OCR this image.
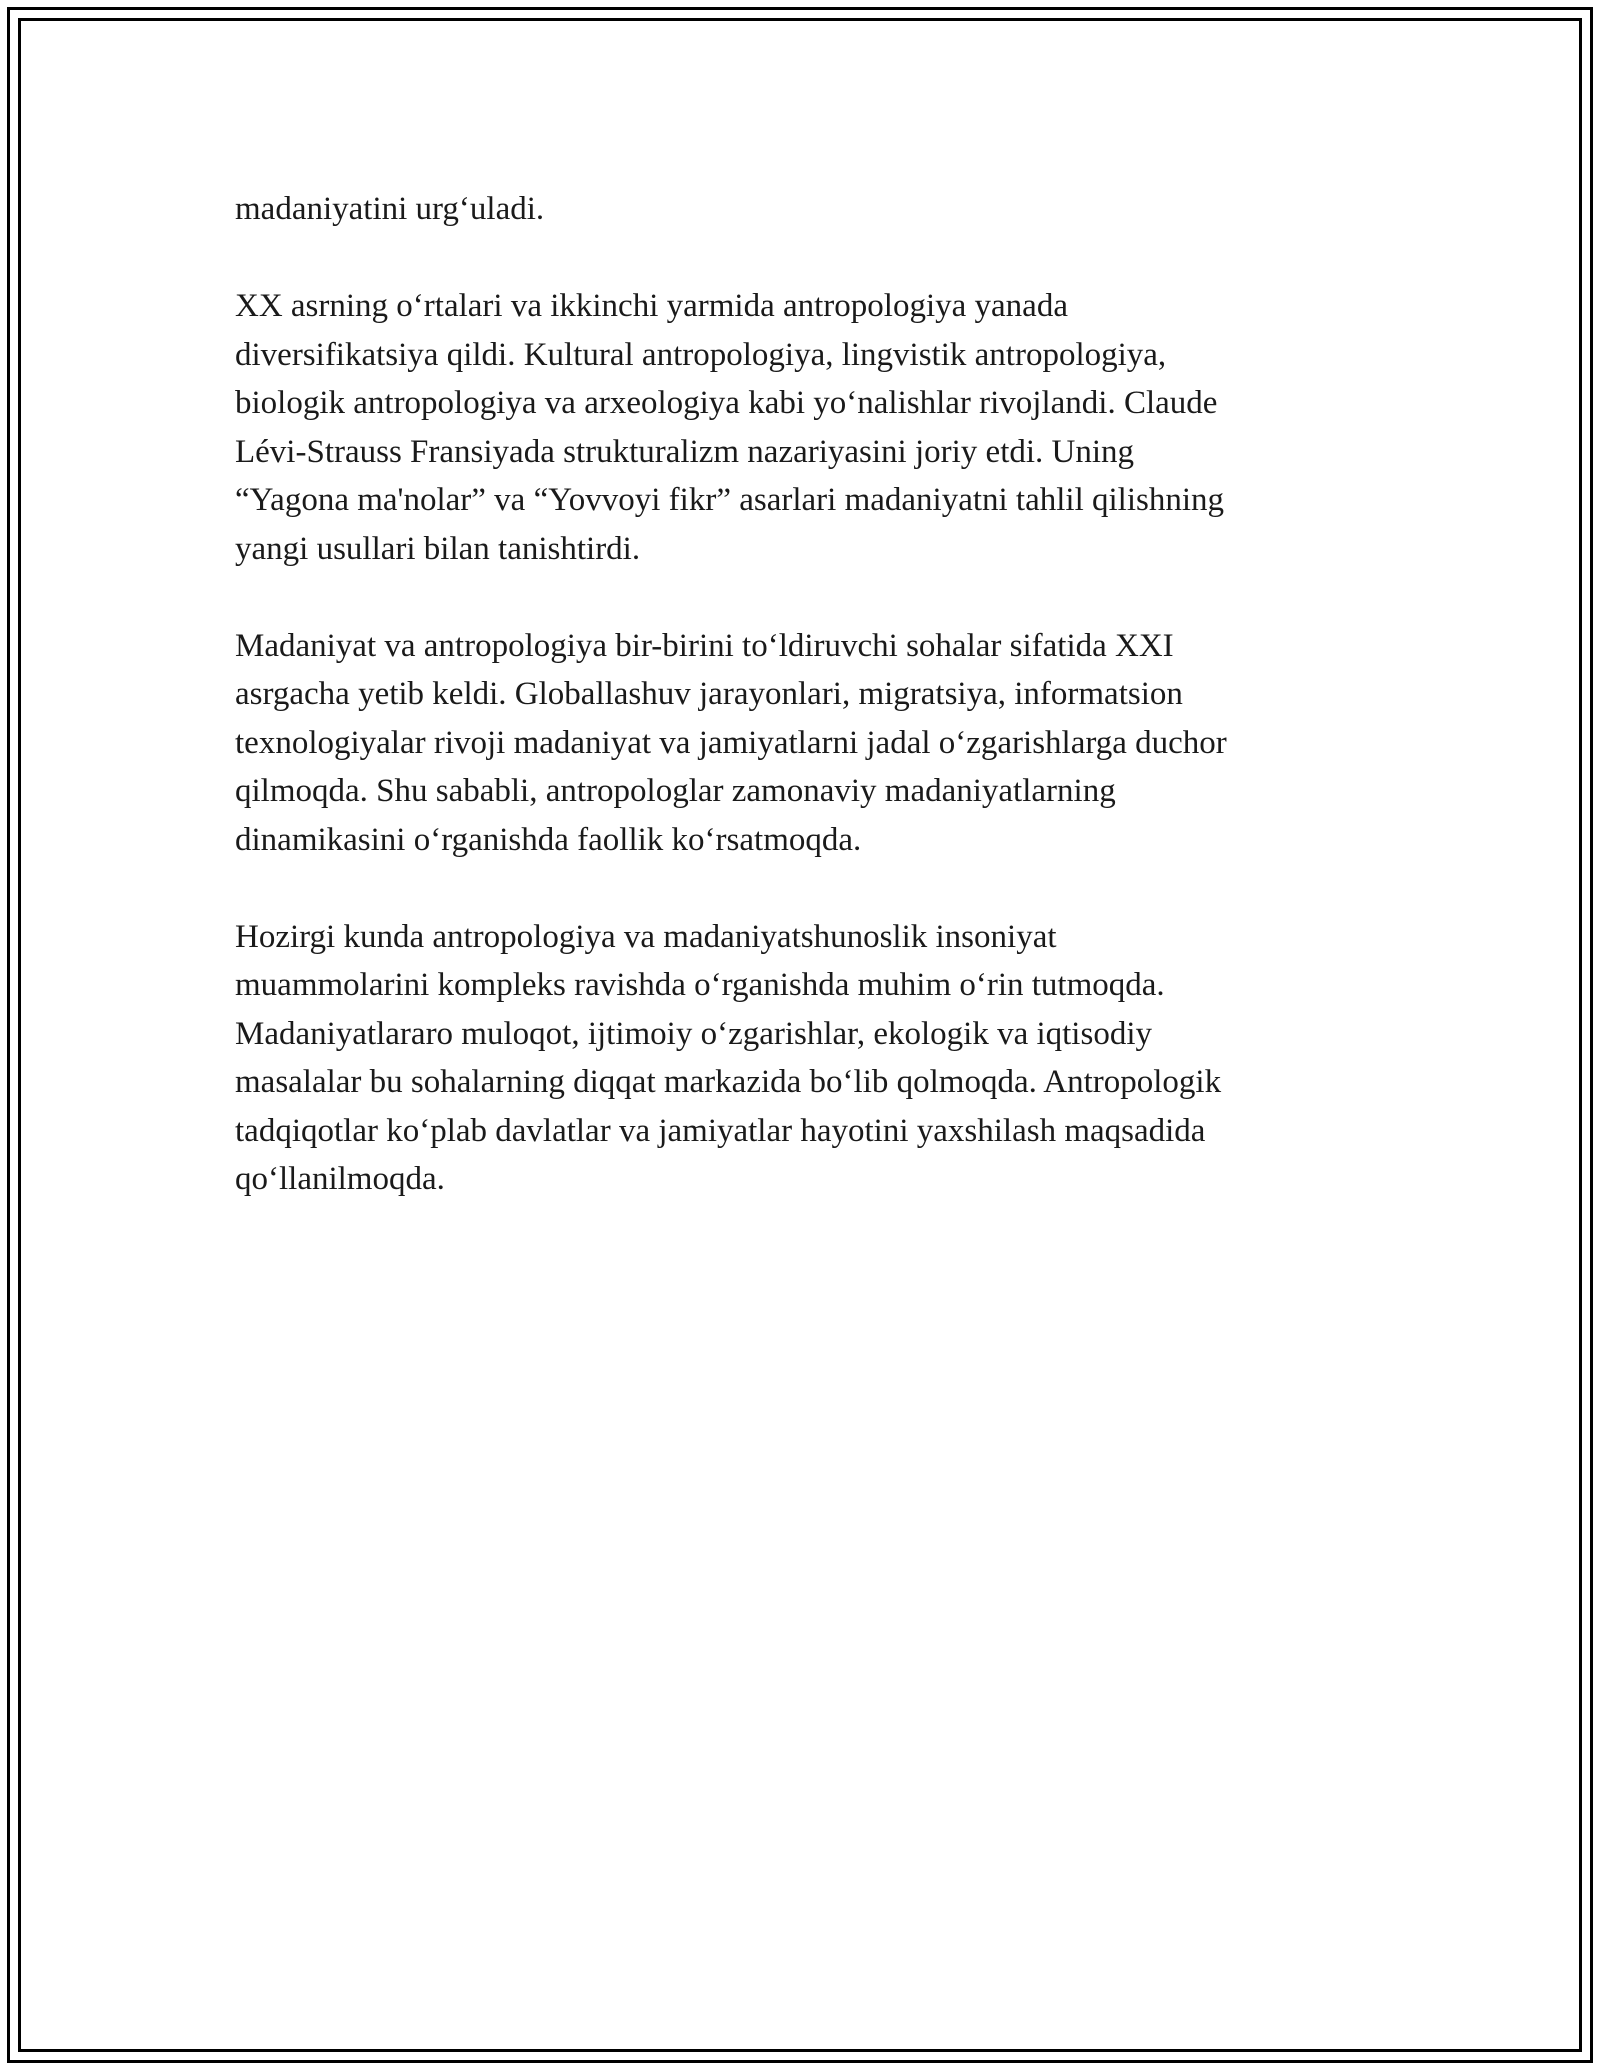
madaniyatini urg‘uladi.

XX asrning o‘rtalari va ikkinchi yarmida antropologiya yanada
diversifikatsiya qildi. Kultural antropologiya, lingvistik antropologiya,
biologik antropologiya va arxeologiya kabi yo‘nalishlar rivojlandi. Claude
Lévi-Strauss Fransiyada strukturalizm nazariyasini joriy etdi. Uning
“Yagona ma'nolar” va “Yovvoyi fikr” asarlari madaniyatni tahlil qilishning
yangi usullari bilan tanishtirdi.

Madaniyat va antropologiya bir-birini to‘ldiruvchi sohalar sifatida XXI
asrgacha yetib keldi. Globallashuv jarayonlari, migratsiya, informatsion
texnologiyalar rivoji madaniyat va jamiyatlarni jadal o‘zgarishlarga duchor
qilmoqda. Shu sababli, antropologlar zamonaviy madaniyatlarning
dinamikasini o‘rganishda faollik ko‘rsatmoqda.

Hozirgi kunda antropologiya va madaniyatshunoslik insoniyat
muammolarini kompleks ravishda o‘rganishda muhim o‘rin tutmoqda.
Madaniyatlararo muloqot, ijtimoiy o‘zgarishlar, ekologik va iqtisodiy
masalalar bu sohalarning diqqat markazida bo‘lib qolmoqda. Antropologik
tadqiqotlar ko‘plab davlatlar va jamiyatlar hayotini yaxshilash maqsadida
qo‘llanilmoqda.
